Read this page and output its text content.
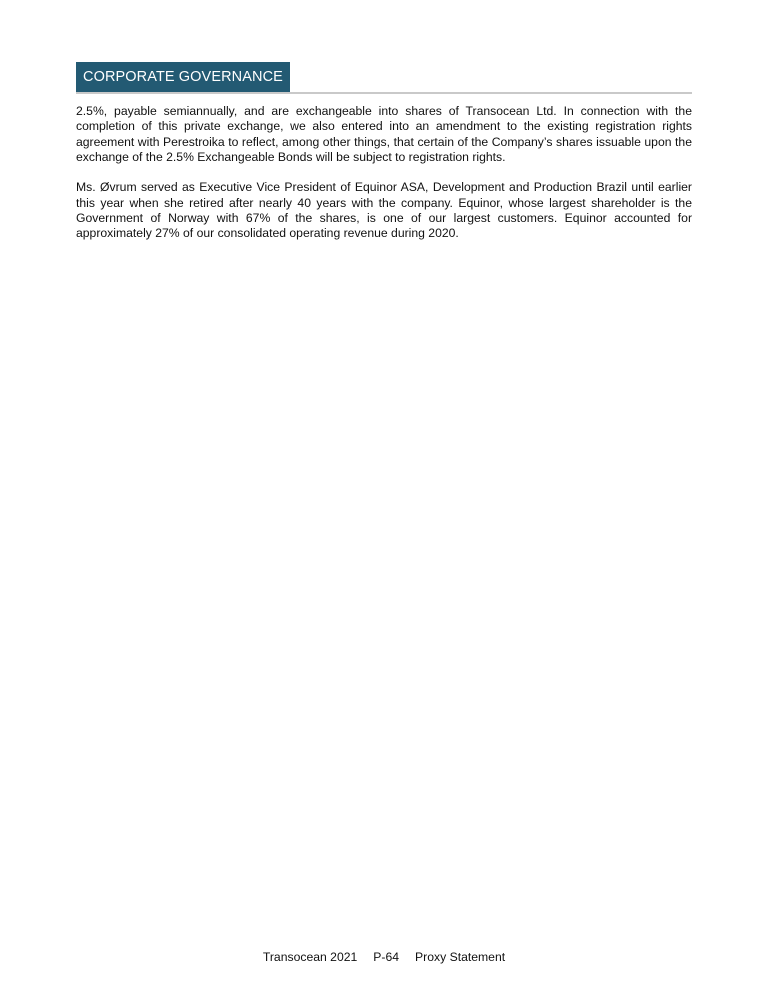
CORPORATE GOVERNANCE

2.5%, payable semiannually, and are exchangeable into shares of Transocean Ltd. In connection with the completion of this private exchange, we also entered into an amendment to the existing registration rights agreement with Perestroika to reflect, among other things, that certain of the Company’s shares issuable upon the exchange of the 2.5% Exchangeable Bonds will be subject to registration rights.

Ms. Øvrum served as Executive Vice President of Equinor ASA, Development and Production Brazil until earlier this year when she retired after nearly 40 years with the company. Equinor, whose largest shareholder is the Government of Norway with 67% of the shares, is one of our largest customers. Equinor accounted for approximately 27% of our consolidated operating revenue during 2020.

Transocean 2021 P-64 Proxy Statement
